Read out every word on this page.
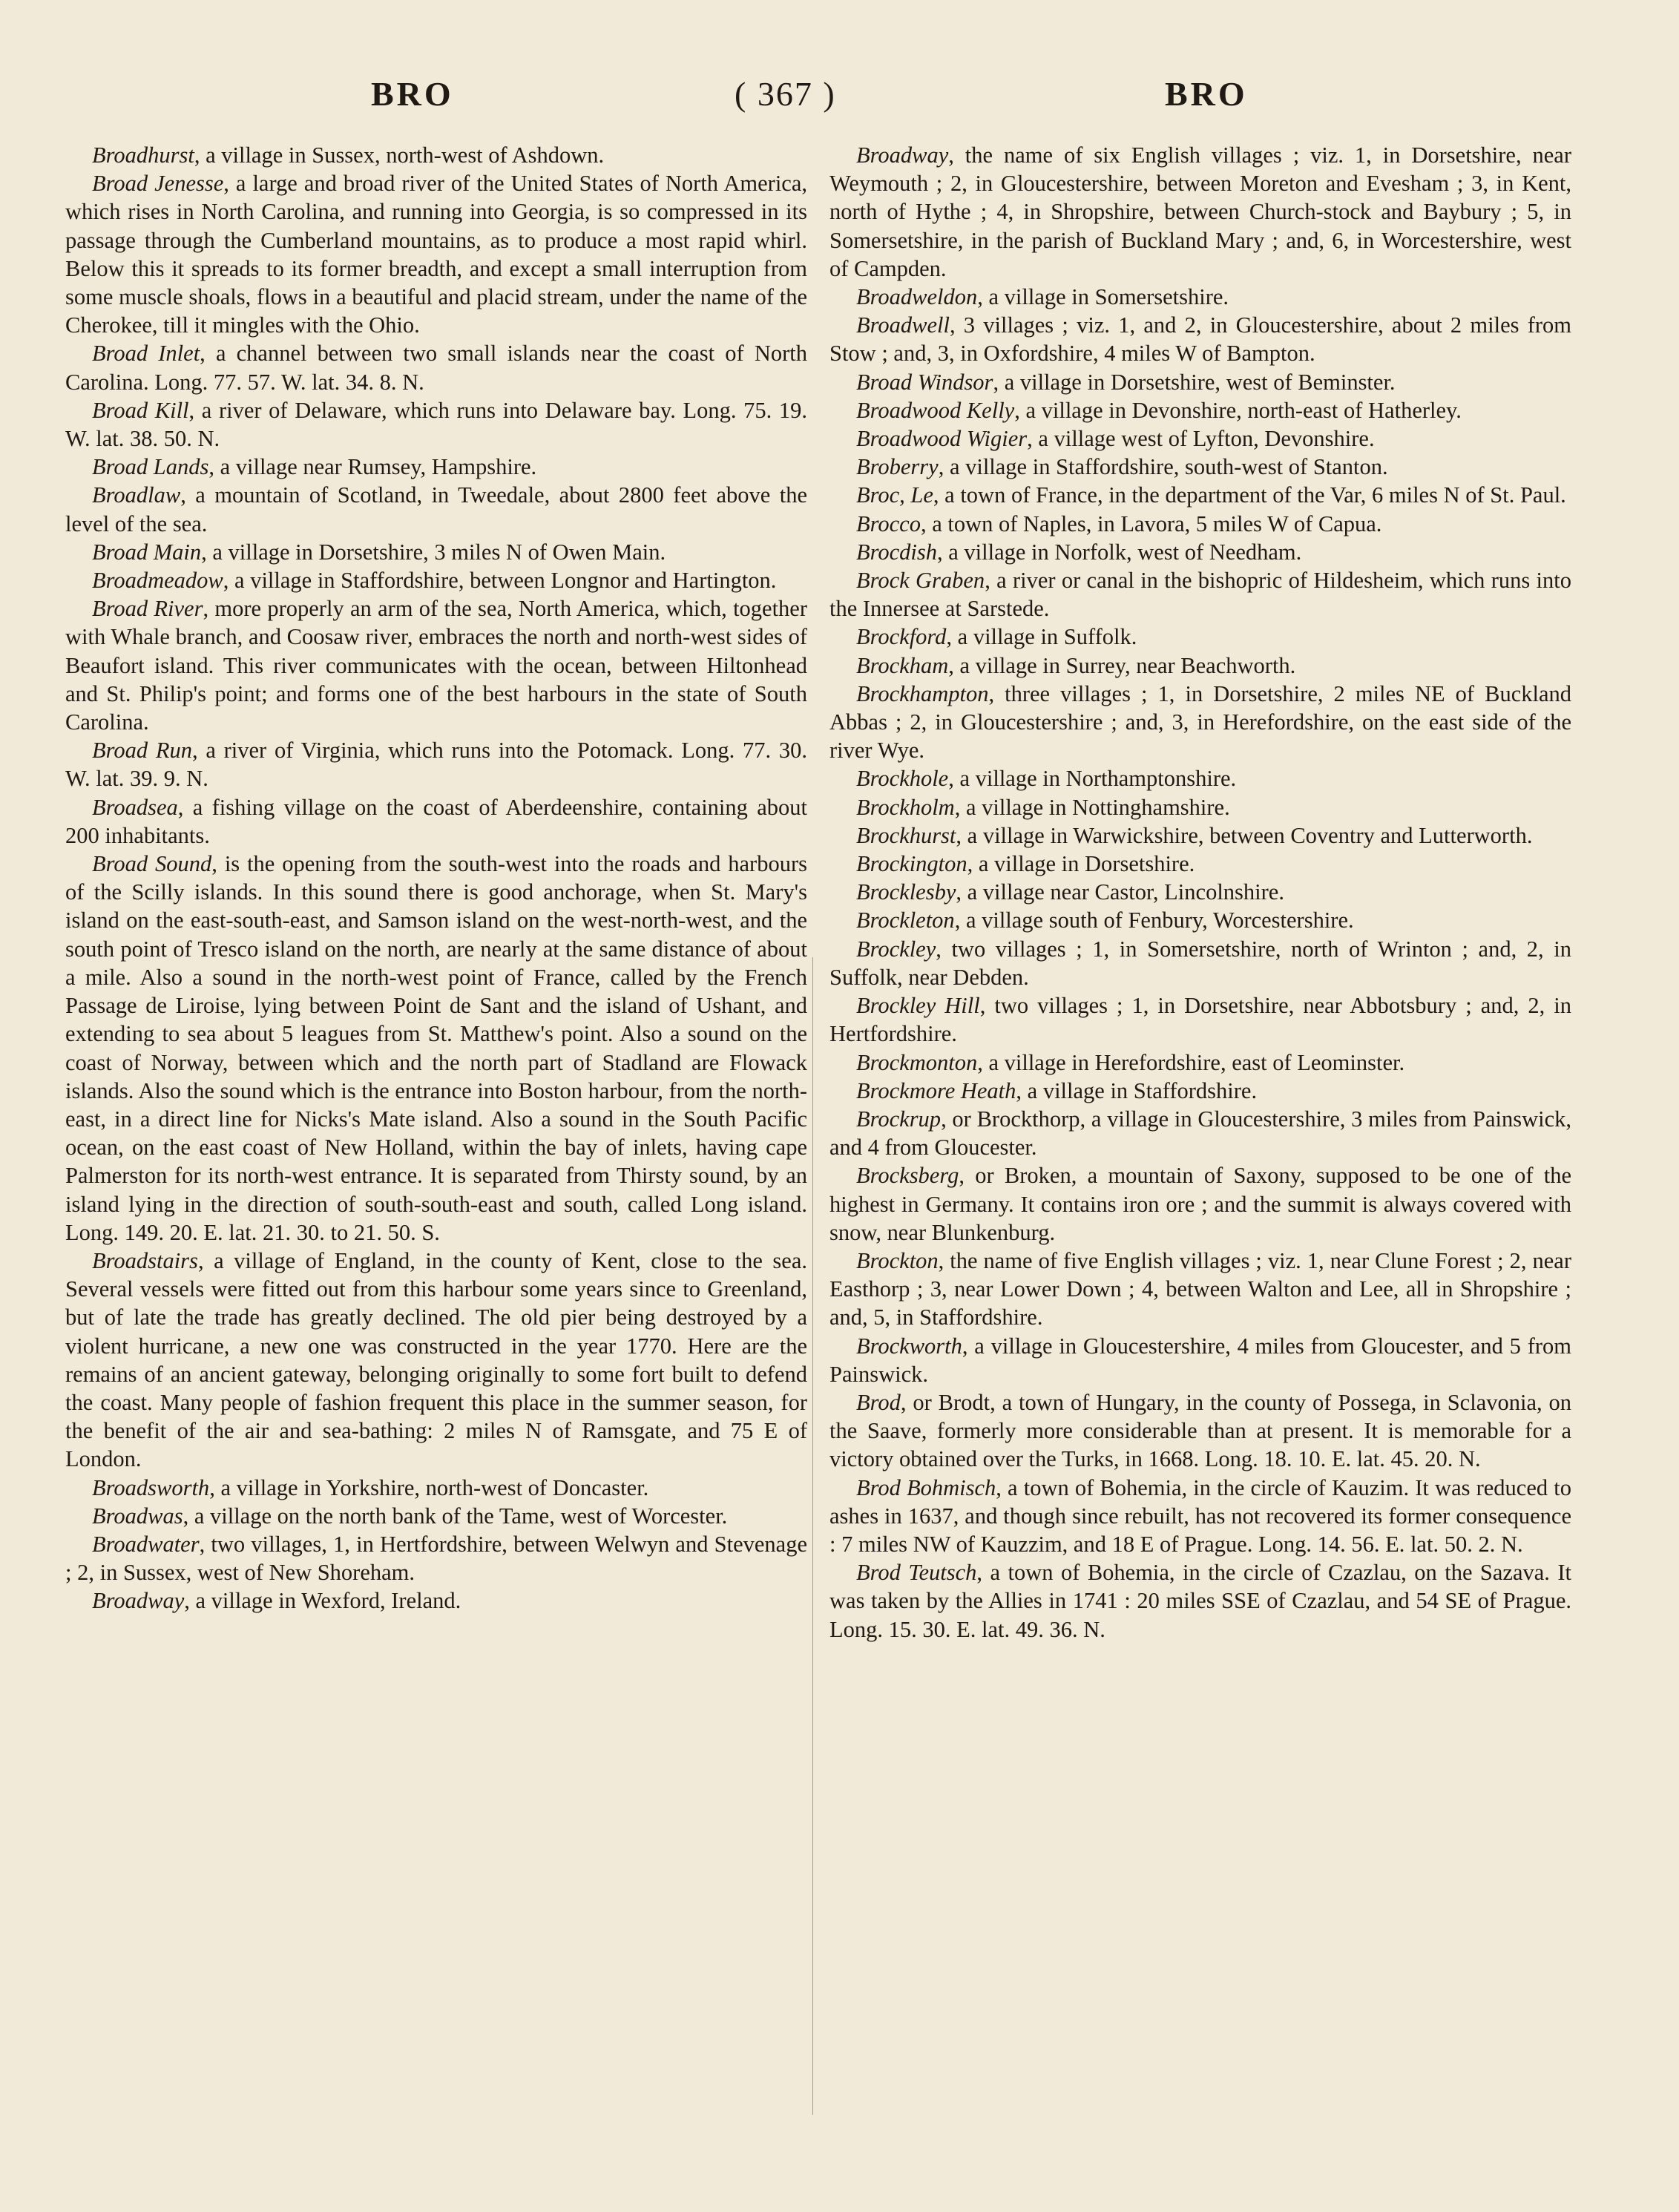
BRO	( 367 )	BRO

Broadhurst, a village in Sussex, north-west of Ashdown.

Broad Jenesse, a large and broad river of the United States of North America, which rises in North Carolina, and running into Georgia, is so compressed in its passage through the Cumberland mountains, as to produce a most rapid whirl. Below this it spreads to its former breadth, and except a small interruption from some muscle shoals, flows in a beautiful and placid stream, under the name of the Cherokee, till it mingles with the Ohio.

Broad Inlet, a channel between two small islands near the coast of North Carolina. Long. 77. 57. W. lat. 34. 8. N.

Broad Kill, a river of Delaware, which runs into Delaware bay. Long. 75. 19. W. lat. 38. 50. N.

Broad Lands, a village near Rumsey, Hampshire.

Broadlaw, a mountain of Scotland, in Tweedale, about 2800 feet above the level of the sea.

Broad Main, a village in Dorsetshire, 3 miles N of Owen Main.

Broadmeadow, a village in Staffordshire, between Longnor and Hartington.

Broad River, more properly an arm of the sea, North America, which, together with Whale branch, and Coosaw river, embraces the north and north-west sides of Beaufort island. This river communicates with the ocean, between Hiltonhead and St. Philip's point; and forms one of the best harbours in the state of South Carolina.

Broad Run, a river of Virginia, which runs into the Potomack. Long. 77. 30. W. lat. 39. 9. N.

Broadsea, a fishing village on the coast of Aberdeenshire, containing about 200 inhabitants.

Broad Sound, is the opening from the south-west into the roads and harbours of the Scilly islands. In this sound there is good anchorage, when St. Mary's island on the east-south-east, and Samson island on the west-north-west, and the south point of Tresco island on the north, are nearly at the same distance of about a mile. Also a sound in the north-west point of France, called by the French Passage de Liroise, lying between Point de Sant and the island of Ushant, and extending to sea about 5 leagues from St. Matthew's point. Also a sound on the coast of Norway, between which and the north part of Stadland are Flowack islands. Also the sound which is the entrance into Boston harbour, from the north-east, in a direct line for Nicks's Mate island. Also a sound in the South Pacific ocean, on the east coast of New Holland, within the bay of inlets, having cape Palmerston for its north-west entrance. It is separated from Thirsty sound, by an island lying in the direction of south-south-east and south, called Long island. Long. 149. 20. E. lat. 21. 30. to 21. 50. S.

Broadstairs, a village of England, in the county of Kent, close to the sea. Several vessels were fitted out from this harbour some years since to Greenland, but of late the trade has greatly declined. The old pier being destroyed by a violent hurricane, a new one was constructed in the year 1770. Here are the remains of an ancient gateway, belonging originally to some fort built to defend the coast. Many people of fashion frequent this place in the summer season, for the benefit of the air and sea-bathing: 2 miles N of Ramsgate, and 75 E of London.

Broadsworth, a village in Yorkshire, north-west of Doncaster.

Broadwas, a village on the north bank of the Tame, west of Worcester.

Broadwater, two villages, 1, in Hertfordshire, between Welwyn and Stevenage ; 2, in Sussex, west of New Shoreham.

Broadway, a village in Wexford, Ireland.

Broadway, the name of six English villages ; viz. 1, in Dorsetshire, near Weymouth ; 2, in Gloucestershire, between Moreton and Evesham ; 3, in Kent, north of Hythe ; 4, in Shropshire, between Church-stock and Baybury ; 5, in Somersetshire, in the parish of Buckland Mary ; and, 6, in Worcestershire, west of Campden.

Broadweldon, a village in Somersetshire.

Broadwell, 3 villages ; viz. 1, and 2, in Gloucestershire, about 2 miles from Stow ; and, 3, in Oxfordshire, 4 miles W of Bampton.

Broad Windsor, a village in Dorsetshire, west of Beminster.

Broadwood Kelly, a village in Devonshire, north-east of Hatherley.

Broadwood Wigier, a village west of Lyfton, Devonshire.

Broberry, a village in Staffordshire, south-west of Stanton.

Broc, Le, a town of France, in the department of the Var, 6 miles N of St. Paul.

Brocco, a town of Naples, in Lavora, 5 miles W of Capua.

Brocdish, a village in Norfolk, west of Needham.

Brock Graben, a river or canal in the bishopric of Hildesheim, which runs into the Innersee at Sarstede.

Brockford, a village in Suffolk.

Brockham, a village in Surrey, near Beachworth.

Brockhampton, three villages ; 1, in Dorsetshire, 2 miles NE of Buckland Abbas ; 2, in Gloucestershire ; and, 3, in Herefordshire, on the east side of the river Wye.

Brockhole, a village in Northamptonshire.

Brockholm, a village in Nottinghamshire.

Brockhurst, a village in Warwickshire, between Coventry and Lutterworth.

Brockington, a village in Dorsetshire.

Brocklesby, a village near Castor, Lincolnshire.

Brockleton, a village south of Fenbury, Worcestershire.

Brockley, two villages ; 1, in Somersetshire, north of Wrinton ; and, 2, in Suffolk, near Debden.

Brockley Hill, two villages ; 1, in Dorsetshire, near Abbotsbury ; and, 2, in Hertfordshire.

Brockmonton, a village in Herefordshire, east of Leominster.

Brockmore Heath, a village in Staffordshire.

Brockrup, or Brockthorp, a village in Gloucestershire, 3 miles from Painswick, and 4 from Gloucester.

Brocksberg, or Broken, a mountain of Saxony, supposed to be one of the highest in Germany. It contains iron ore ; and the summit is always covered with snow, near Blunkenburg.

Brockton, the name of five English villages ; viz. 1, near Clune Forest ; 2, near Easthorp ; 3, near Lower Down ; 4, between Walton and Lee, all in Shropshire ; and, 5, in Staffordshire.

Brockworth, a village in Gloucestershire, 4 miles from Gloucester, and 5 from Painswick.

Brod, or Brodt, a town of Hungary, in the county of Possega, in Sclavonia, on the Saave, formerly more considerable than at present. It is memorable for a victory obtained over the Turks, in 1668. Long. 18. 10. E. lat. 45. 20. N.

Brod Bohmisch, a town of Bohemia, in the circle of Kauzim. It was reduced to ashes in 1637, and though since rebuilt, has not recovered its former consequence : 7 miles NW of Kauzzim, and 18 E of Prague. Long. 14. 56. E. lat. 50. 2. N.

Brod Teutsch, a town of Bohemia, in the circle of Czazlau, on the Sazava. It was taken by the Allies in 1741 : 20 miles SSE of Czazlau, and 54 SE of Prague. Long. 15. 30. E. lat. 49. 36. N.
